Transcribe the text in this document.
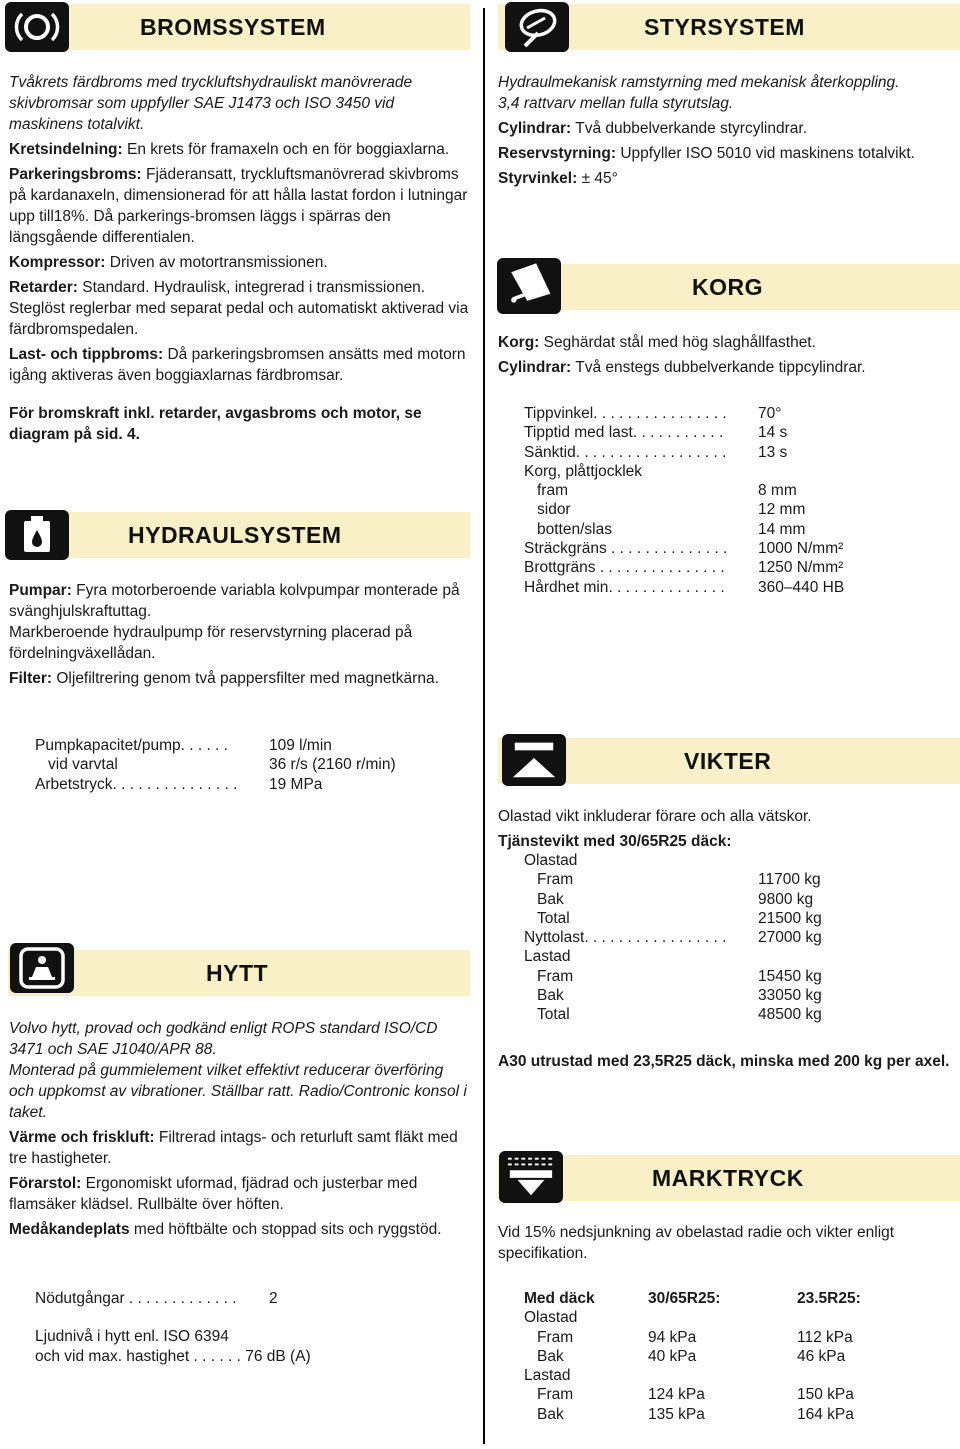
BROMSSYSTEM

Tvåkrets färdbroms med tryckluftshydrauliskt manövrerade skivbromsar som uppfyller SAE J1473 och ISO 3450 vid maskinens totalvikt.

Kretsindelning: En krets för framaxeln och en för boggiaxlarna.

Parkeringsbroms: Fjäderansatt, tryckluftsmanövrerad skivbroms på kardanaxeln, dimensionerad för att hålla lastat fordon i lutningar upp till18%. Då parkerings-bromsen läggs i spärras den längsgående differentialen.

Kompressor: Driven av motortransmissionen.

Retarder: Standard. Hydraulisk, integrerad i transmissionen.

Steglöst reglerbar med separat pedal och automatiskt aktiverad via färdbromspedalen.

Last- och tippbroms: Då parkeringsbromsen ansätts med motorn igång aktiveras även boggiaxlarnas färdbromsar.

För bromskraft inkl. retarder, avgasbroms och motor, se diagram på sid. 4.

HYDRAULSYSTEM

Pumpar: Fyra motorberoende variabla kolvpumpar monterade på svänghjulskraftuttag.

Markberoende hydraulpump för reservstyrning placerad på fördelningväxellådan.

Filter: Oljefiltrering genom två pappersfilter med magnetkärna.

Pumpkapacitet/pump. . . . . .	109 l/min
vid varvtal	36 r/s (2160 r/min)
Arbetstryck. . . . . . . . . . . . . . . 19 MPa
HYTT

Volvo hytt, provad och godkänd enligt ROPS standard ISO/CD 3471 och SAE J1040/APR 88.

Monterad på gummielement vilket effektivt reducerar överföring och uppkomst av vibrationer. Ställbar ratt. Radio/Contronic konsol i taket.

Värme och friskluft: Filtrerad intags- och returluft samt fläkt med tre hastigheter.

Förarstol: Ergonomiskt uformad, fjädrad och justerbar med flamsäker klädsel. Rullbälte över höften.

Medåkandeplats med höftbälte och stoppad sits och ryggstöd.

Nödutgångar . . . . . . . . . . . . . 2
Ljudnivå i hytt enl. ISO 6394
och vid max. hastighet . . . . . . 76 dB (A)
STYRSYSTEM

Hydraulmekanisk ramstyrning med mekanisk återkoppling.

3,4 rattvarv mellan fulla styrutslag.

Cylindrar: Två dubbelverkande styrcylindrar.

Reservstyrning: Uppfyller ISO 5010 vid maskinens totalvikt.

Styrvinkel: ± 45°

KORG

Korg: Seghärdat stål med hög slaghållfasthet.

Cylindrar: Två enstegs dubbelverkande tippcylindrar.

Tippvinkel. . . . . . . . . . . . . . . . 70°
Tipptid med last. . . . . . . . . . . 14 s
Sänktid. . . . . . . . . . . . . . . . . . 13 s
Korg, plåttjocklek
fram	8 mm
sidor	12 mm
botten/slas	14 mm
Sträckgräns . . . . . . . . . . . . . . 1000 N/mm²
Brottgräns . . . . . . . . . . . . . . . 1250 N/mm²
Hårdhet min. . . . . . . . . . . . . . 360–440 HB
VIKTER

Olastad vikt inkluderar förare och alla vätskor.

Tjänstevikt med 30/65R25 däck:

Olastad
Fram	11700 kg
Bak	9800 kg
Total	21500 kg
Nyttolast. . . . . . . . . . . . . . . . . 27000 kg
Lastad
Fram	15450 kg
Bak	33050 kg
Total	48500 kg

A30 utrustad med 23,5R25 däck, minska med 200 kg per axel.

MARKTRYCK

Vid 15% nedsjunkning av obelastad radie och vikter enligt specifikation.

Med däck	30/65R25:	23.5R25:
Olastad
Fram	94 kPa	112 kPa
Bak	40 kPa	46 kPa
Lastad
Fram	124 kPa	150 kPa
Bak	135 kPa	164 kPa
